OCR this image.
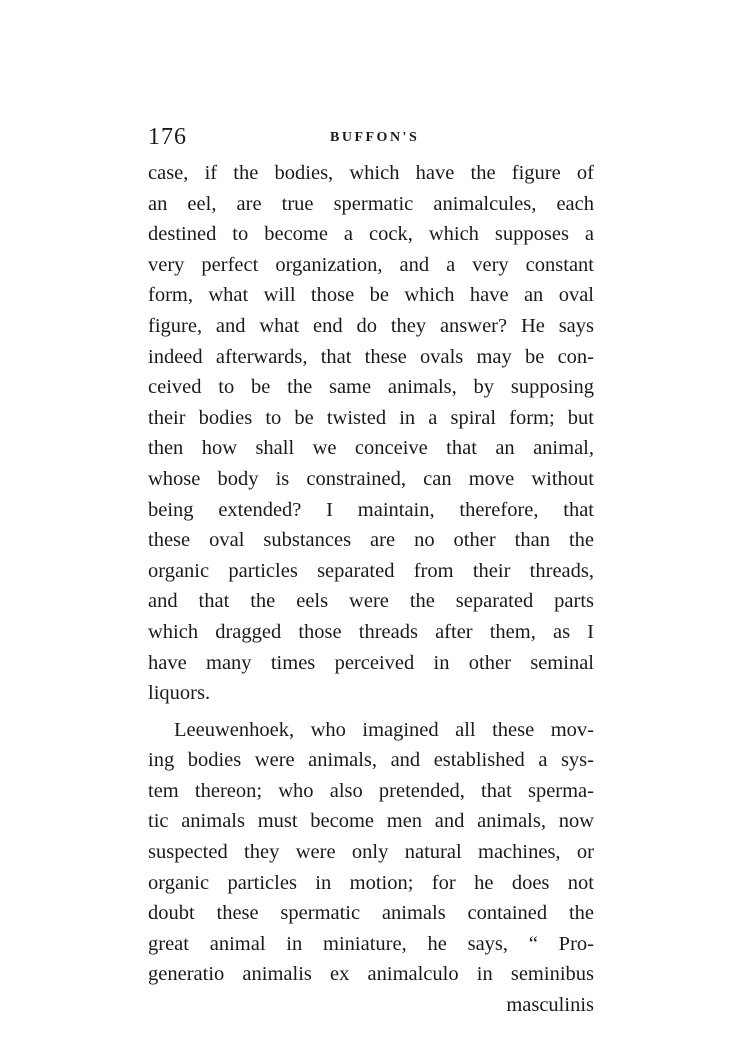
176	BUFFON'S
case, if the bodies, which have the figure of
an eel, are true spermatic animalcules, each
destined to become a cock, which supposes a
very perfect organization, and a very constant
form, what will those be which have an oval
figure, and what end do they answer? He says
indeed afterwards, that these ovals may be con-
ceived to be the same animals, by supposing
their bodies to be twisted in a spiral form; but
then how shall we conceive that an animal,
whose body is constrained, can move without
being extended? I maintain, therefore, that
these oval substances are no other than the
organic particles separated from their threads,
and that the eels were the separated parts
which dragged those threads after them, as I
have many times perceived in other seminal
liquors.
Leeuwenhoek, who imagined all these mov-
ing bodies were animals, and established a sys-
tem thereon; who also pretended, that sperma-
tic animals must become men and animals, now
suspected they were only natural machines, or
organic particles in motion; for he does not
doubt these spermatic animals contained the
great animal in miniature, he says, “ Pro-
generatio animalis ex animalculo in seminibus
masculinis
